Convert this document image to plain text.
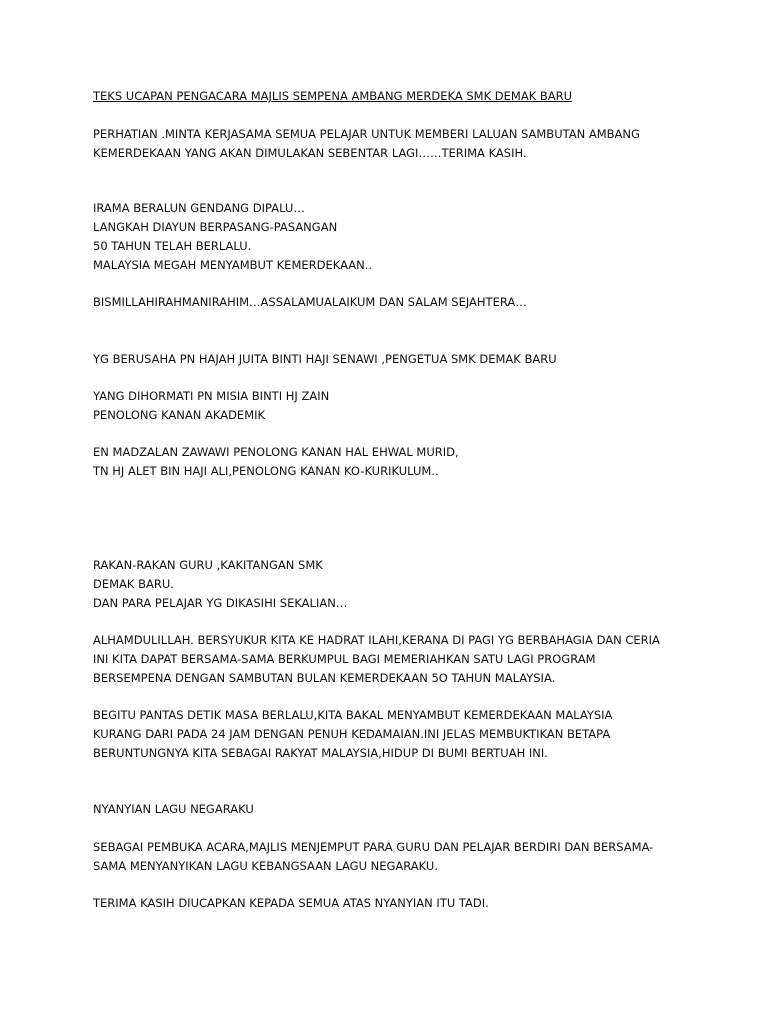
TEKS UCAPAN PENGACARA MAJLIS SEMPENA AMBANG MERDEKA SMK DEMAK BARU

PERHATIAN .MINTA KERJASAMA SEMUA PELAJAR UNTUK MEMBERI LALUAN SAMBUTAN AMBANG

KEMERDEKAAN YANG AKAN DIMULAKAN SEBENTAR LAGI……TERIMA KASIH.

IRAMA BERALUN GENDANG DIPALU…

LANGKAH DIAYUN BERPASANG-PASANGAN

50 TAHUN TELAH BERLALU.

MALAYSIA MEGAH MENYAMBUT KEMERDEKAAN..

BISMILLAHIRAHMANIRAHIM…ASSALAMUALAIKUM DAN SALAM SEJAHTERA…

YG BERUSAHA PN HAJAH JUITA BINTI HAJI SENAWI ,PENGETUA SMK DEMAK BARU

YANG DIHORMATI PN MISIA BINTI HJ ZAIN

PENOLONG KANAN AKADEMIK

EN MADZALAN ZAWAWI PENOLONG KANAN HAL EHWAL MURID,

TN HJ ALET BIN HAJI ALI,PENOLONG KANAN KO-KURIKULUM..

RAKAN-RAKAN GURU ,KAKITANGAN SMK

DEMAK BARU.

DAN PARA PELAJAR YG DIKASIHI SEKALIAN…

ALHAMDULILLAH. BERSYUKUR KITA KE HADRAT ILAHI,KERANA DI PAGI YG BERBAHAGIA DAN CERIA

INI KITA DAPAT BERSAMA-SAMA BERKUMPUL BAGI MEMERIAHKAN SATU LAGI PROGRAM

BERSEMPENA DENGAN SAMBUTAN BULAN KEMERDEKAAN 5O TAHUN MALAYSIA.

BEGITU PANTAS DETIK MASA BERLALU,KITA BAKAL MENYAMBUT KEMERDEKAAN MALAYSIA

KURANG DARI PADA 24 JAM DENGAN PENUH KEDAMAIAN.INI JELAS MEMBUKTIKAN BETAPA

BERUNTUNGNYA KITA SEBAGAI RAKYAT MALAYSIA,HIDUP DI BUMI BERTUAH INI.

NYANYIAN LAGU NEGARAKU

SEBAGAI PEMBUKA ACARA,MAJLIS MENJEMPUT PARA GURU DAN PELAJAR BERDIRI DAN BERSAMA-

SAMA MENYANYIKAN LAGU KEBANGSAAN LAGU NEGARAKU.

TERIMA KASIH DIUCAPKAN KEPADA SEMUA ATAS NYANYIAN ITU TADI.
